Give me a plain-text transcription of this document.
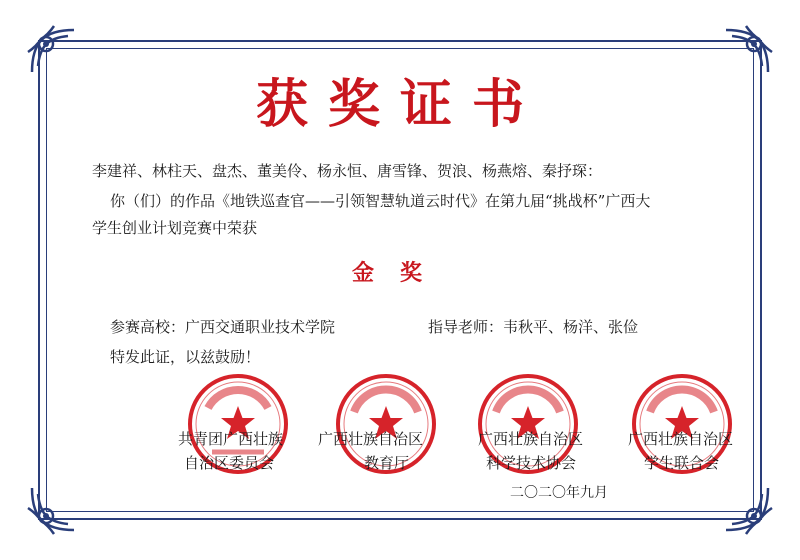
获奖证书
李建祥、林柱天、盘杰、董美伶、杨永恒、唐雪锋、贺浪、杨燕熔、秦抒琛：
你（们）的作品《地铁巡查官——引领智慧轨道云时代》在第九届“挑战杯”广西大
学生创业计划竞赛中荣获
金奖
参赛高校：广西交通职业技术学院	指导老师：韦秋平、杨洋、张俭
特发此证，以兹鼓励！
共青团广西壮族
自治区委员会
广西壮族自治区
教育厅
广西壮族自治区
科学技术协会
广西壮族自治区
学生联合会
二〇二〇年九月
